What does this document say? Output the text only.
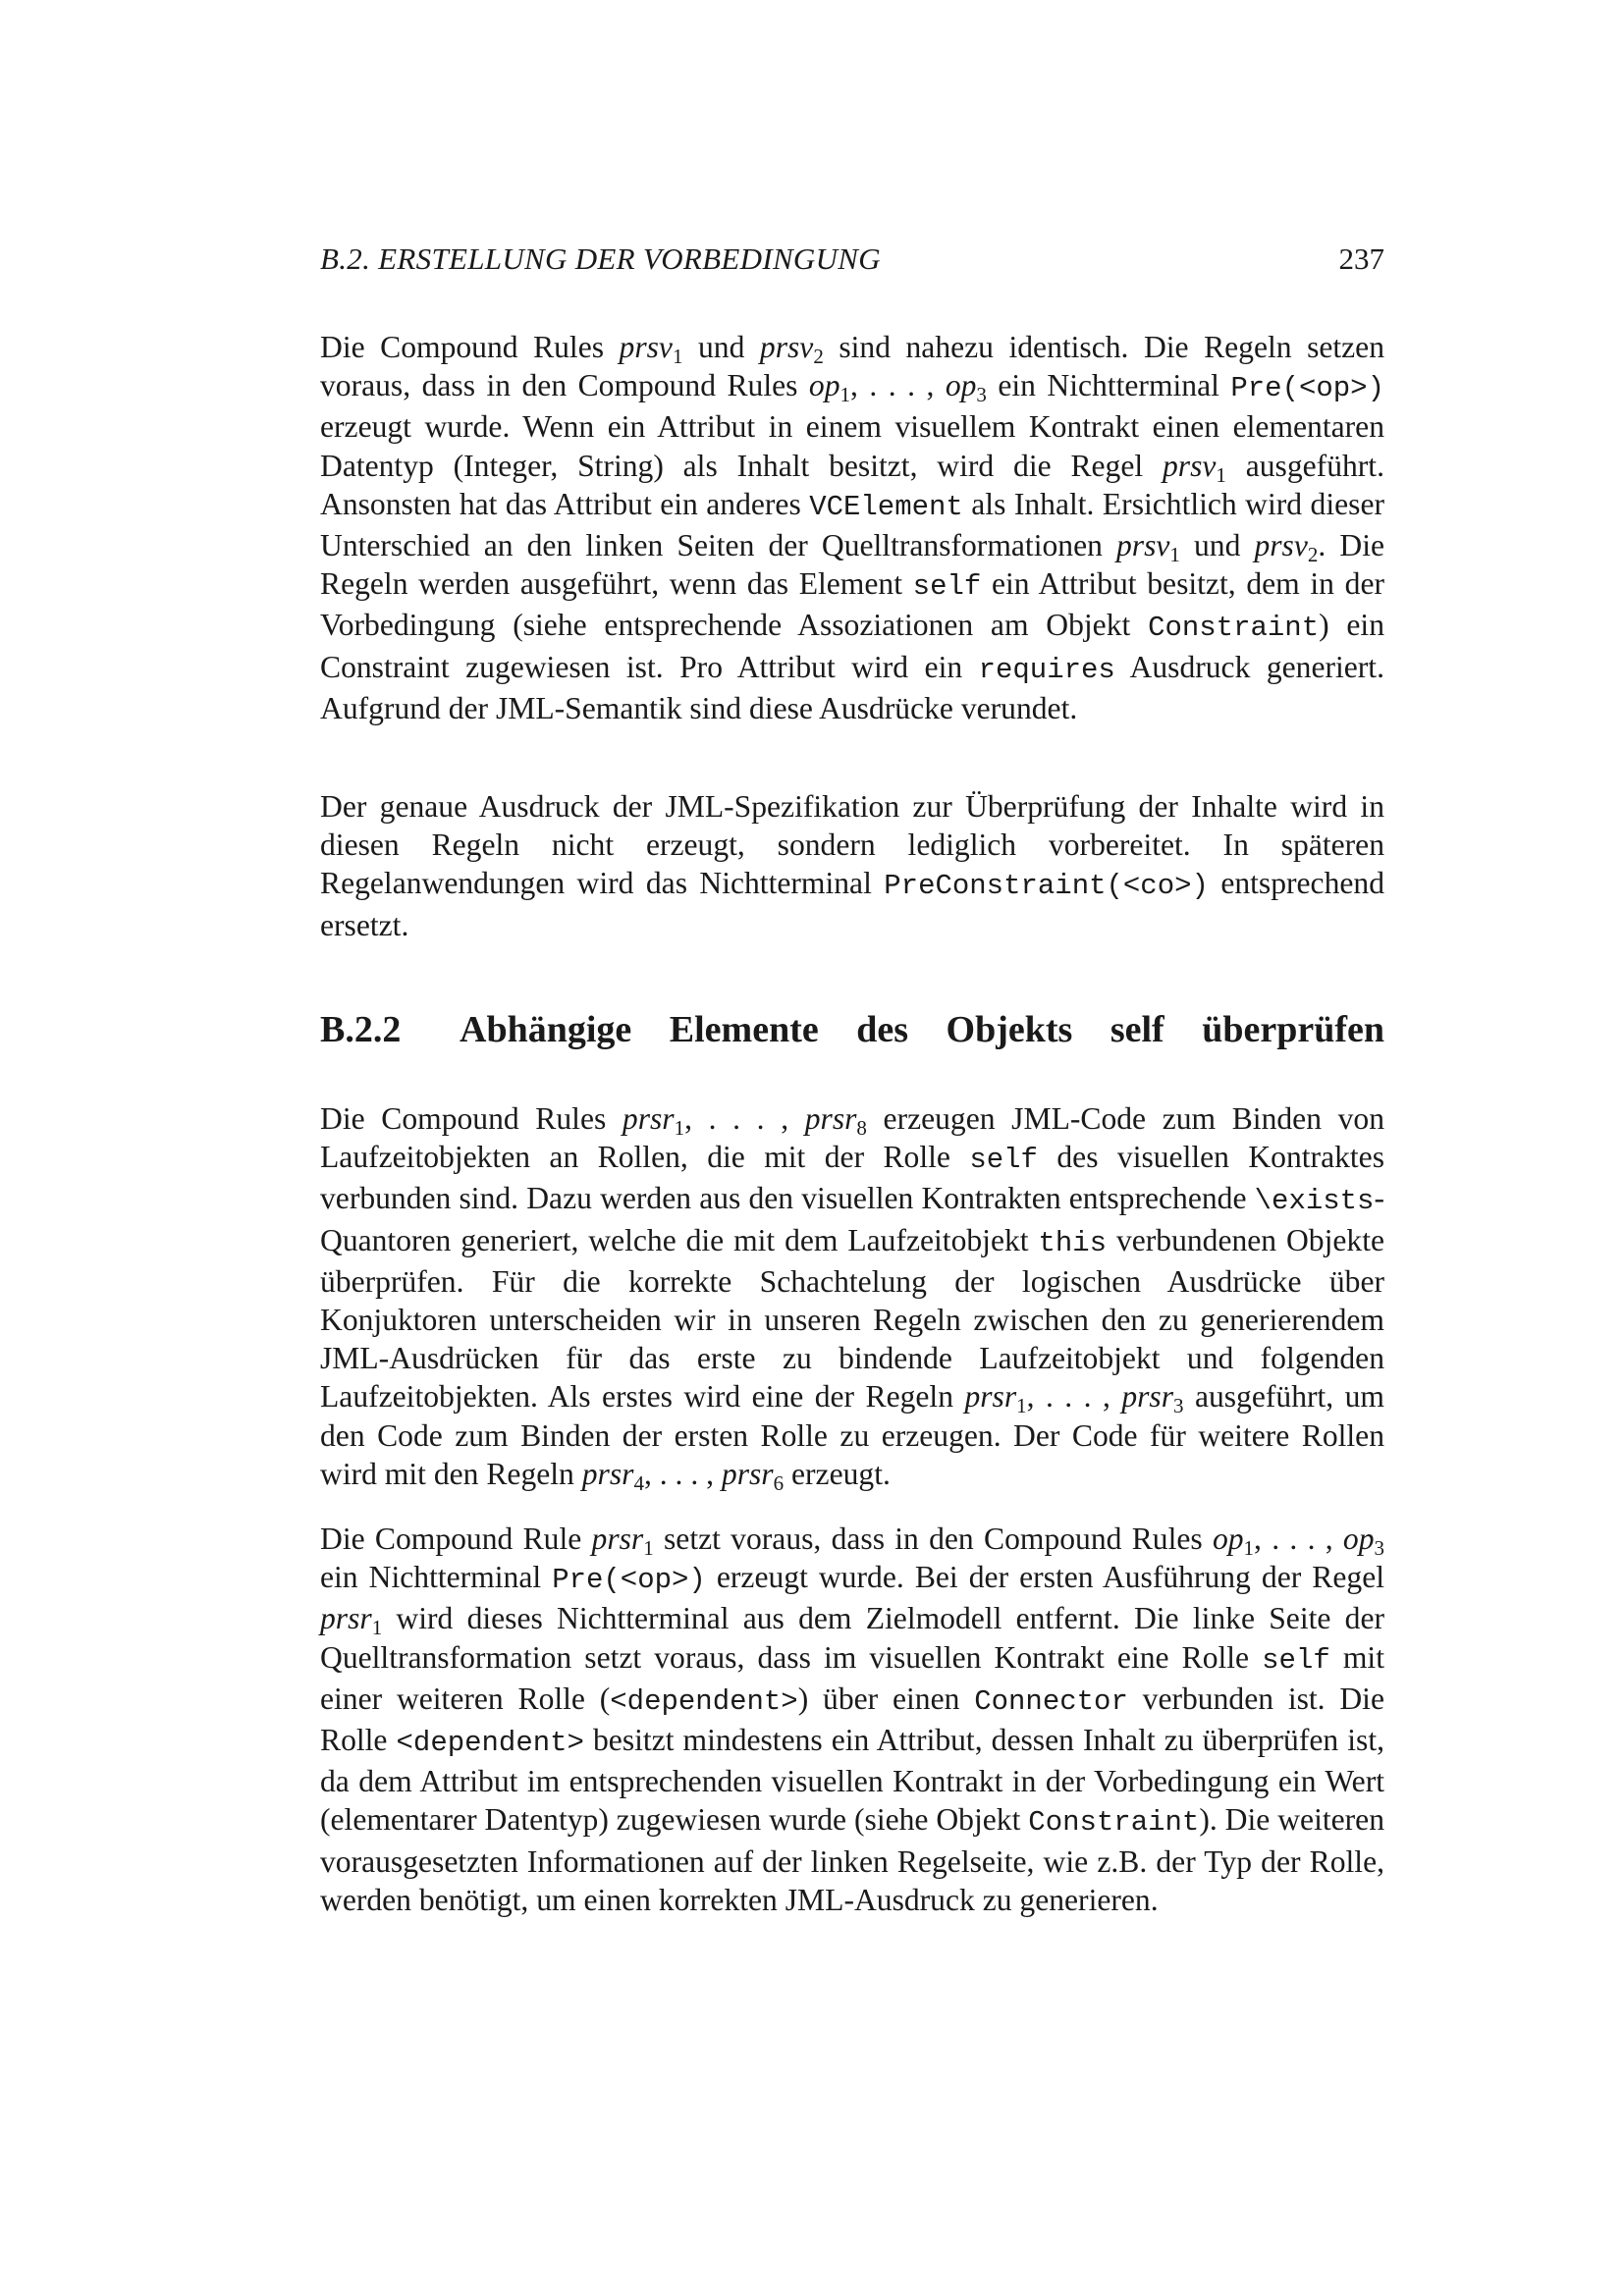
B.2. ERSTELLUNG DER VORBEDINGUNG	237

Die Compound Rules prsv$_1$ und prsv$_2$ sind nahezu identisch. Die Regeln setzen voraus, dass in den Compound Rules $op_1$, . . . , $op_3$ ein Nichtterminal Pre(<op>) erzeugt wurde. Wenn ein Attribut in einem visuellem Kontrakt einen elementaren Datentyp (Integer, String) als Inhalt besitzt, wird die Regel prsv$_1$ ausgeführt. Ansonsten hat das Attribut ein anderes VCElement als Inhalt. Ersichtlich wird dieser Unterschied an den linken Seiten der Quelltransformationen prsv$_1$ und prsv$_2$. Die Regeln werden ausgeführt, wenn das Element self ein Attribut besitzt, dem in der Vorbedingung (siehe entsprechende Assoziationen am Objekt Constraint) ein Constraint zugewiesen ist. Pro Attribut wird ein requires Ausdruck generiert. Aufgrund der JML-Semantik sind diese Ausdrücke verundet.

Der genaue Ausdruck der JML-Spezifikation zur Überprüfung der Inhalte wird in diesen Regeln nicht erzeugt, sondern lediglich vorbereitet. In späteren Regelanwendungen wird das Nichtterminal PreConstraint(<co>) entsprechend ersetzt.

B.2.2 Abhängige Elemente des Objekts self überprüfen

Die Compound Rules prsr$_1$, . . . , prsr$_8$ erzeugen JML-Code zum Binden von Laufzeitobjekten an Rollen, die mit der Rolle self des visuellen Kontraktes verbunden sind. Dazu werden aus den visuellen Kontrakten entsprechende \exists-Quantoren generiert, welche die mit dem Laufzeitobjekt this verbundenen Objekte überprüfen. Für die korrekte Schachtelung der logischen Ausdrücke über Konjuktoren unterscheiden wir in unseren Regeln zwischen den zu generierendem JML-Ausdrücken für das erste zu bindende Laufzeitobjekt und folgenden Laufzeitobjekten. Als erstes wird eine der Regeln prsr$_1$, . . . , prsr$_3$ ausgeführt, um den Code zum Binden der ersten Rolle zu erzeugen. Der Code für weitere Rollen wird mit den Regeln prsr$_4$, . . . , prsr$_6$ erzeugt.

Die Compound Rule prsr$_1$ setzt voraus, dass in den Compound Rules $op_1$, . . . , $op_3$ ein Nichtterminal Pre(<op>) erzeugt wurde. Bei der ersten Ausführung der Regel prsr$_1$ wird dieses Nichtterminal aus dem Zielmodell entfernt. Die linke Seite der Quelltransformation setzt voraus, dass im visuellen Kontrakt eine Rolle self mit einer weiteren Rolle (<dependent>) über einen Connector verbunden ist. Die Rolle <dependent> besitzt mindestens ein Attribut, dessen Inhalt zu überprüfen ist, da dem Attribut im entsprechenden visuellen Kontrakt in der Vorbedingung ein Wert (elementarer Datentyp) zugewiesen wurde (siehe Objekt Constraint). Die weiteren vorausgesetzten Informationen auf der linken Regelseite, wie z.B. der Typ der Rolle, werden benötigt, um einen korrekten JML-Ausdruck zu generieren.
